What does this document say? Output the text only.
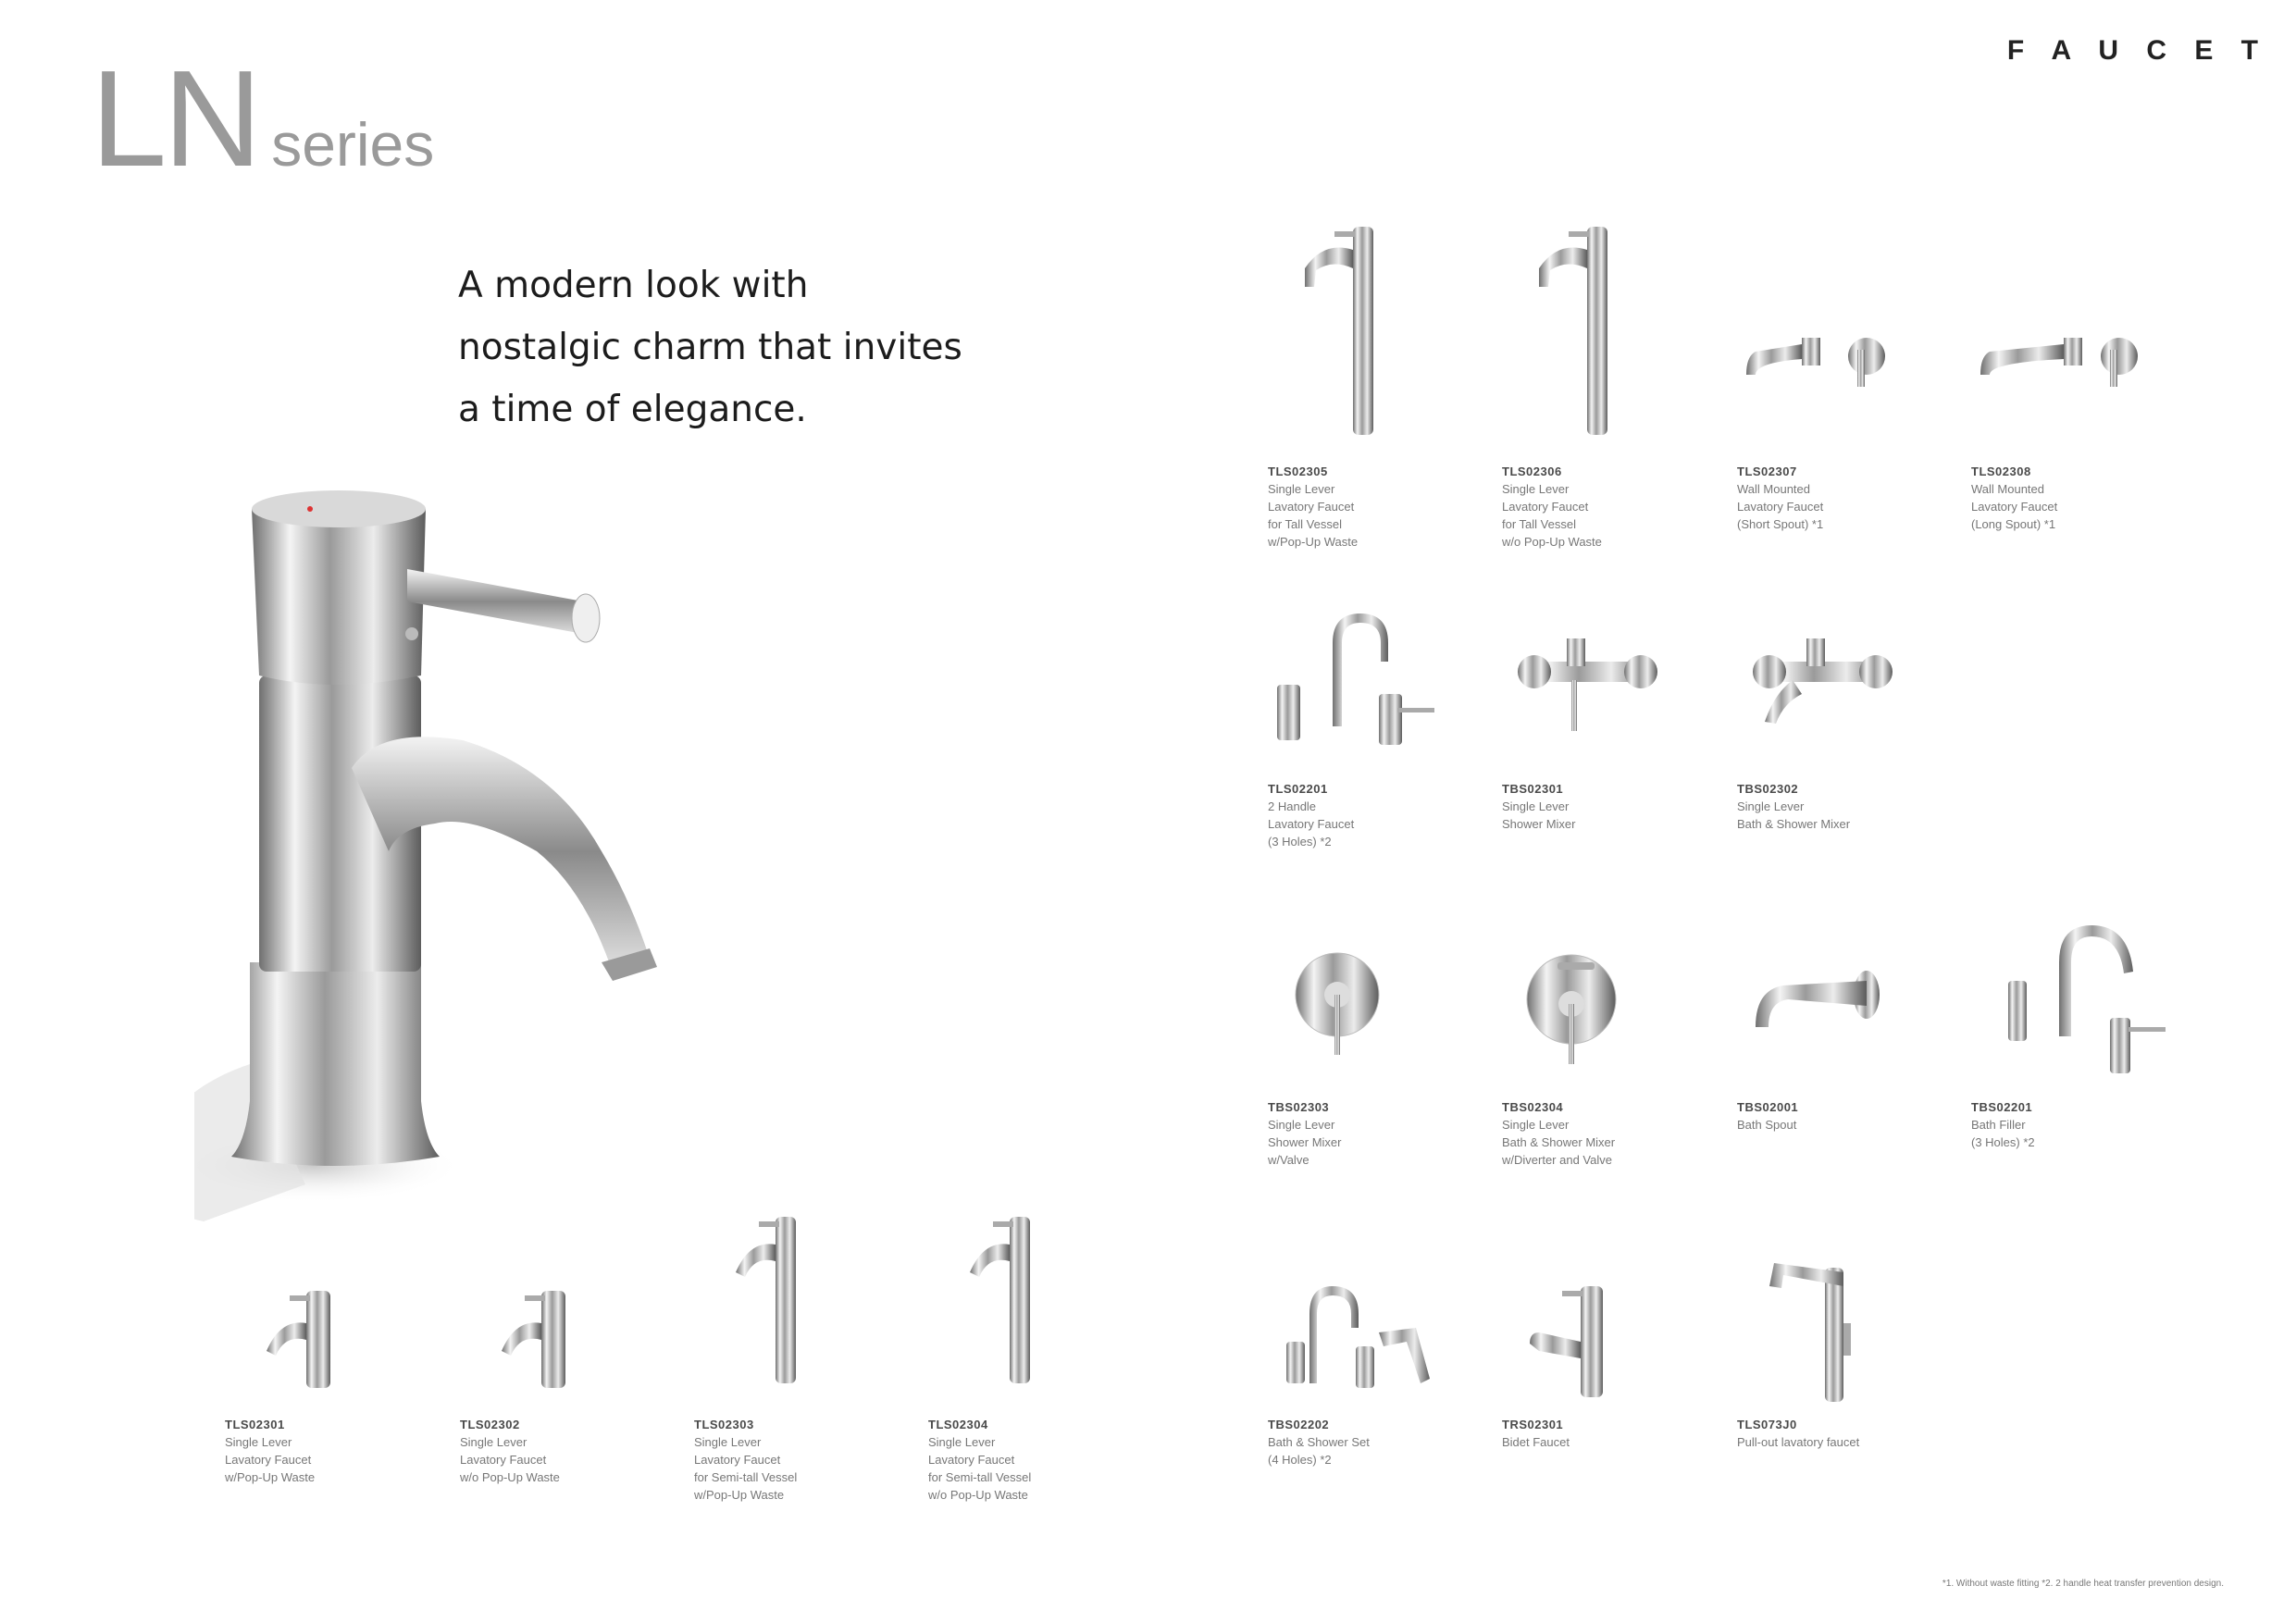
F A U C E T
LN series
A modern look with
nostalgic charm that invites
a time of elegance.
TLS02305
Single Lever
Lavatory Faucet
for Tall Vessel
w/Pop-Up Waste
TLS02306
Single Lever
Lavatory Faucet
for Tall Vessel
w/o Pop-Up Waste
TLS02307
Wall Mounted
Lavatory Faucet
(Short Spout) *1
TLS02308
Wall Mounted
Lavatory Faucet
(Long Spout) *1
TLS02201
2 Handle
Lavatory Faucet
(3 Holes) *2
TBS02301
Single Lever
Shower Mixer
TBS02302
Single Lever
Bath & Shower Mixer
TBS02303
Single Lever
Shower Mixer
w/Valve
TBS02304
Single Lever
Bath & Shower Mixer
w/Diverter and Valve
TBS02001
Bath Spout
TBS02201
Bath Filler
(3 Holes) *2
TBS02202
Bath & Shower Set
(4 Holes) *2
TRS02301
Bidet Faucet
TLS073J0
Pull-out lavatory faucet
TLS02301
Single Lever
Lavatory Faucet
w/Pop-Up Waste
TLS02302
Single Lever
Lavatory Faucet
w/o Pop-Up Waste
TLS02303
Single Lever
Lavatory Faucet
for Semi-tall Vessel
w/Pop-Up Waste
TLS02304
Single Lever
Lavatory Faucet
for Semi-tall Vessel
w/o Pop-Up Waste
*1. Without waste fitting *2. 2 handle heat transfer prevention design.
